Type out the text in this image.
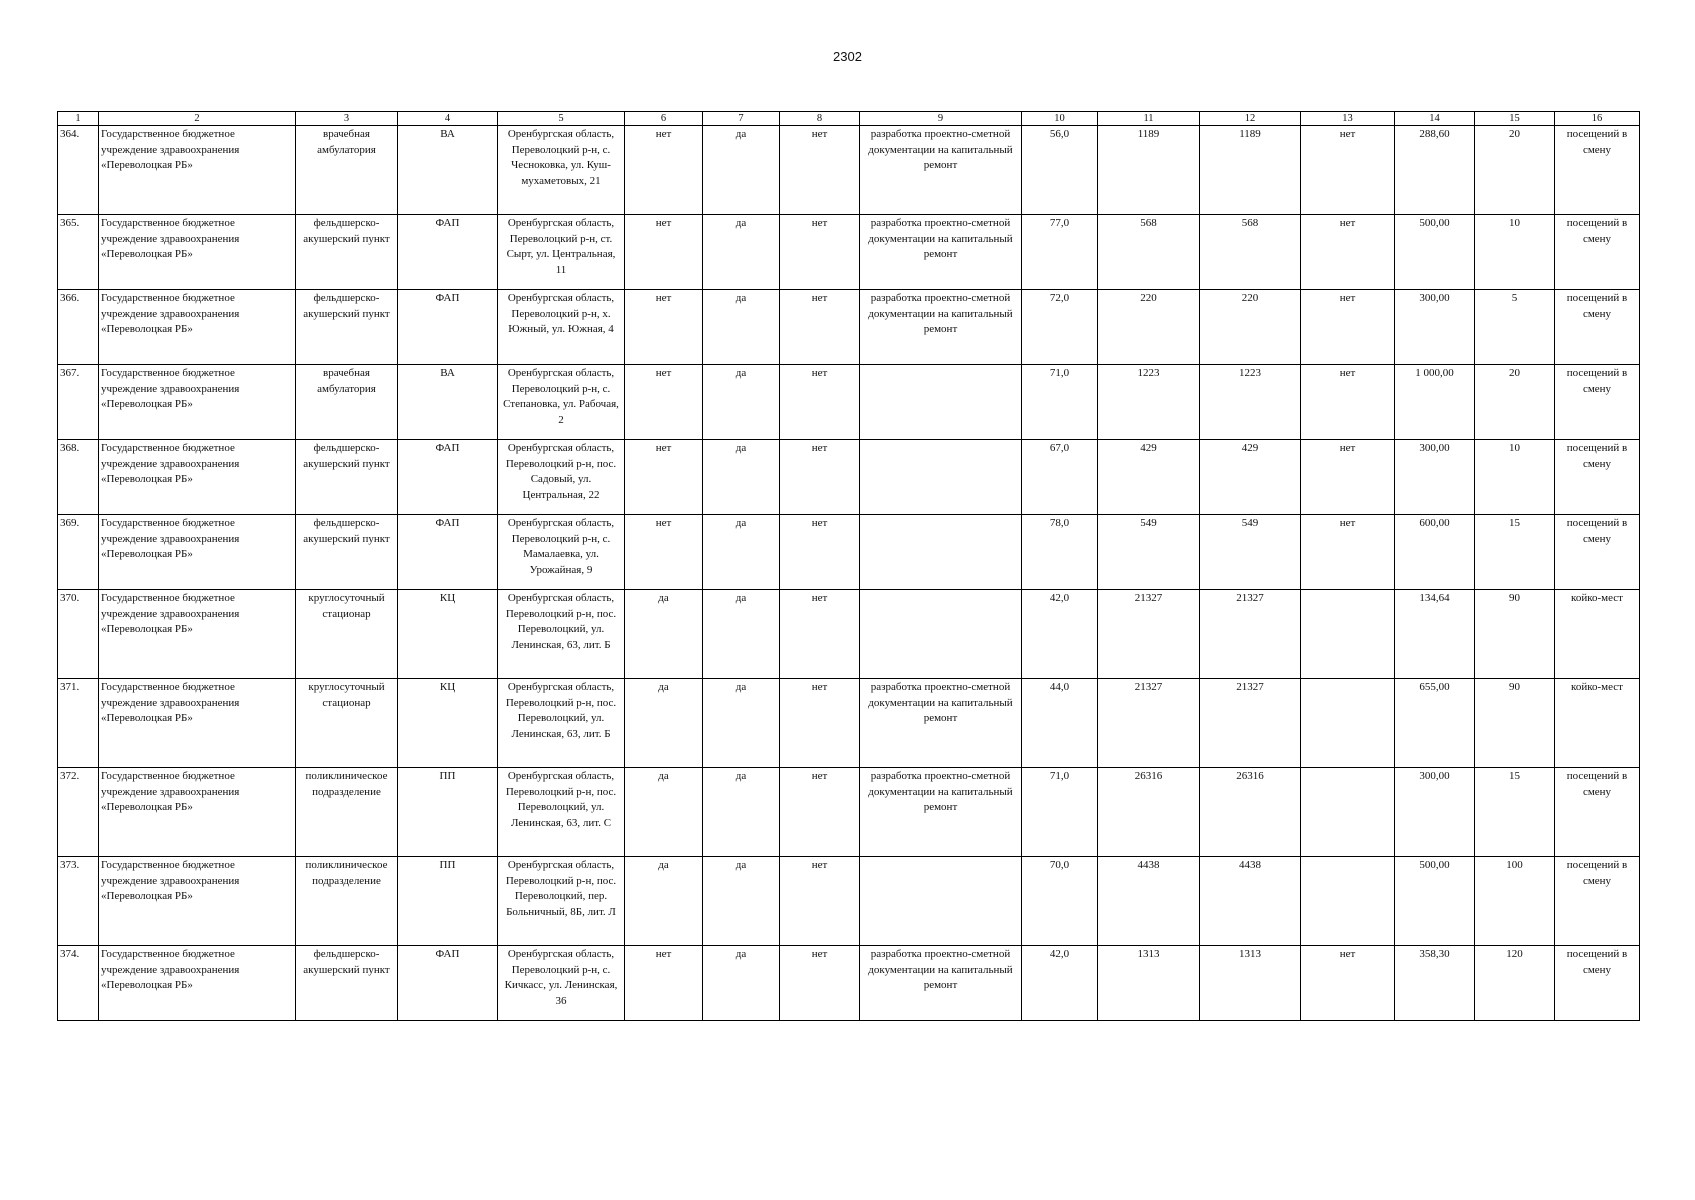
2302
1	2	3	4	5	6	7	8	9	10	11	12	13	14	15	16
364.	Государственное бюджетное учреждение здравоохранения «Переволоцкая РБ»	врачебная амбулатория	ВА	Оренбургская область, Переволоцкий р-н, с. Чесноковка, ул. Куш-мухаметовых, 21	нет	да	нет	разработка проектно-сметной документации на капитальный ремонт	56,0	1189	1189	нет	288,60	20	посещений в смену
365.	Государственное бюджетное учреждение здравоохранения «Переволоцкая РБ»	фельдшерско-акушерский пункт	ФАП	Оренбургская область, Переволоцкий р-н, ст. Сырт, ул. Центральная, 11	нет	да	нет	разработка проектно-сметной документации на капитальный ремонт	77,0	568	568	нет	500,00	10	посещений в смену
366.	Государственное бюджетное учреждение здравоохранения «Переволоцкая РБ»	фельдшерско-акушерский пункт	ФАП	Оренбургская область, Переволоцкий р-н, х. Южный, ул. Южная, 4	нет	да	нет	разработка проектно-сметной документации на капитальный ремонт	72,0	220	220	нет	300,00	5	посещений в смену
367.	Государственное бюджетное учреждение здравоохранения «Переволоцкая РБ»	врачебная амбулатория	ВА	Оренбургская область, Переволоцкий р-н, с. Степановка, ул. Рабочая, 2	нет	да	нет		71,0	1223	1223	нет	1 000,00	20	посещений в смену
368.	Государственное бюджетное учреждение здравоохранения «Переволоцкая РБ»	фельдшерско-акушерский пункт	ФАП	Оренбургская область, Переволоцкий р-н, пос. Садовый, ул. Центральная, 22	нет	да	нет		67,0	429	429	нет	300,00	10	посещений в смену
369.	Государственное бюджетное учреждение здравоохранения «Переволоцкая РБ»	фельдшерско-акушерский пункт	ФАП	Оренбургская область, Переволоцкий р-н, с. Мамалаевка, ул. Урожайная, 9	нет	да	нет		78,0	549	549	нет	600,00	15	посещений в смену
370.	Государственное бюджетное учреждение здравоохранения «Переволоцкая РБ»	круглосуточный стационар	КЦ	Оренбургская область, Переволоцкий р-н, пос. Переволоцкий, ул. Ленинская, 63, лит. Б	да	да	нет		42,0	21327	21327		134,64	90	койко-мест
371.	Государственное бюджетное учреждение здравоохранения «Переволоцкая РБ»	круглосуточный стационар	КЦ	Оренбургская область, Переволоцкий р-н, пос. Переволоцкий, ул. Ленинская, 63, лит. Б	да	да	нет	разработка проектно-сметной документации на капитальный ремонт	44,0	21327	21327		655,00	90	койко-мест
372.	Государственное бюджетное учреждение здравоохранения «Переволоцкая РБ»	поликлиническое подразделение	ПП	Оренбургская область, Переволоцкий р-н, пос. Переволоцкий, ул. Ленинская, 63, лит. С	да	да	нет	разработка проектно-сметной документации на капитальный ремонт	71,0	26316	26316		300,00	15	посещений в смену
373.	Государственное бюджетное учреждение здравоохранения «Переволоцкая РБ»	поликлиническое подразделение	ПП	Оренбургская область, Переволоцкий р-н, пос. Переволоцкий, пер. Больничный, 8Б, лит. Л	да	да	нет		70,0	4438	4438		500,00	100	посещений в смену
374.	Государственное бюджетное учреждение здравоохранения «Переволоцкая РБ»	фельдшерско-акушерский пункт	ФАП	Оренбургская область, Переволоцкий р-н, с. Кичкасс, ул. Ленинская, 36	нет	да	нет	разработка проектно-сметной документации на капитальный ремонт	42,0	1313	1313	нет	358,30	120	посещений в смену
